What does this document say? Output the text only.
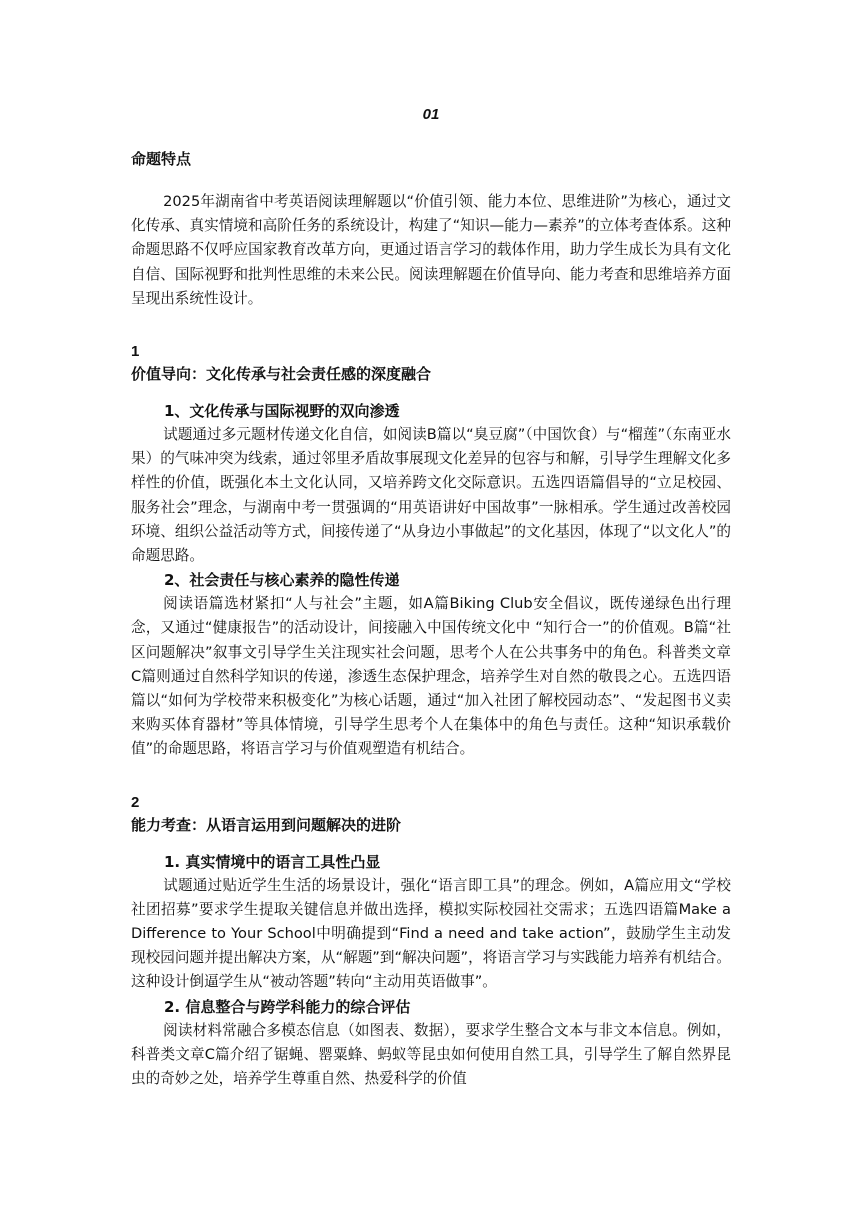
01

命题特点

2025年湖南省中考英语阅读理解题以“价值引领、能力本位、思维进阶”为核心，通过文化传承、真实情境和高阶任务的系统设计，构建了“知识—能力—素养”的立体考查体系。这种命题思路不仅呼应国家教育改革方向，更通过语言学习的载体作用，助力学生成长为具有文化自信、国际视野和批判性思维的未来公民。阅读理解题在价值导向、能力考查和思维培养方面呈现出系统性设计。

1

价值导向：文化传承与社会责任感的深度融合

1、文化传承与国际视野的双向渗透

试题通过多元题材传递文化自信，如阅读B篇以“臭豆腐”（中国饮食）与“榴莲”（东南亚水果）的气味冲突为线索，通过邻里矛盾故事展现文化差异的包容与和解，引导学生理解文化多样性的价值，既强化本土文化认同，又培养跨文化交际意识。五选四语篇倡导的“立足校园、服务社会”理念，与湖南中考一贯强调的“用英语讲好中国故事”一脉相承。学生通过改善校园环境、组织公益活动等方式，间接传递了“从身边小事做起”的文化基因，体现了“以文化人”的命题思路。

2、社会责任与核心素养的隐性传递

阅读语篇选材紧扣“人与社会”主题，如A篇Biking Club安全倡议，既传递绿色出行理念，又通过“健康报告”的活动设计，间接融入中国传统文化中 “知行合一”的价值观。B篇“社区问题解决”叙事文引导学生关注现实社会问题，思考个人在公共事务中的角色。科普类文章C篇则通过自然科学知识的传递，渗透生态保护理念，培养学生对自然的敬畏之心。五选四语篇以“如何为学校带来积极变化”为核心话题，通过“加入社团了解校园动态”、“发起图书义卖来购买体育器材”等具体情境，引导学生思考个人在集体中的角色与责任。这种“知识承载价值”的命题思路，将语言学习与价值观塑造有机结合。

2

能力考查：从语言运用到问题解决的进阶

1. 真实情境中的语言工具性凸显

试题通过贴近学生生活的场景设计，强化“语言即工具”的理念。例如，A篇应用文“学校社团招募”要求学生提取关键信息并做出选择，模拟实际校园社交需求；五选四语篇Make a Difference to Your School中明确提到“Find a need and take action”，鼓励学生主动发现校园问题并提出解决方案，从“解题”到“解决问题”，将语言学习与实践能力培养有机结合。这种设计倒逼学生从“被动答题”转向“主动用英语做事”。

2. 信息整合与跨学科能力的综合评估

阅读材料常融合多模态信息（如图表、数据），要求学生整合文本与非文本信息。例如，科普类文章C篇介绍了锯蝇、罂粟蜂、蚂蚁等昆虫如何使用自然工具，引导学生了解自然界昆虫的奇妙之处，培养学生尊重自然、热爱科学的价值
